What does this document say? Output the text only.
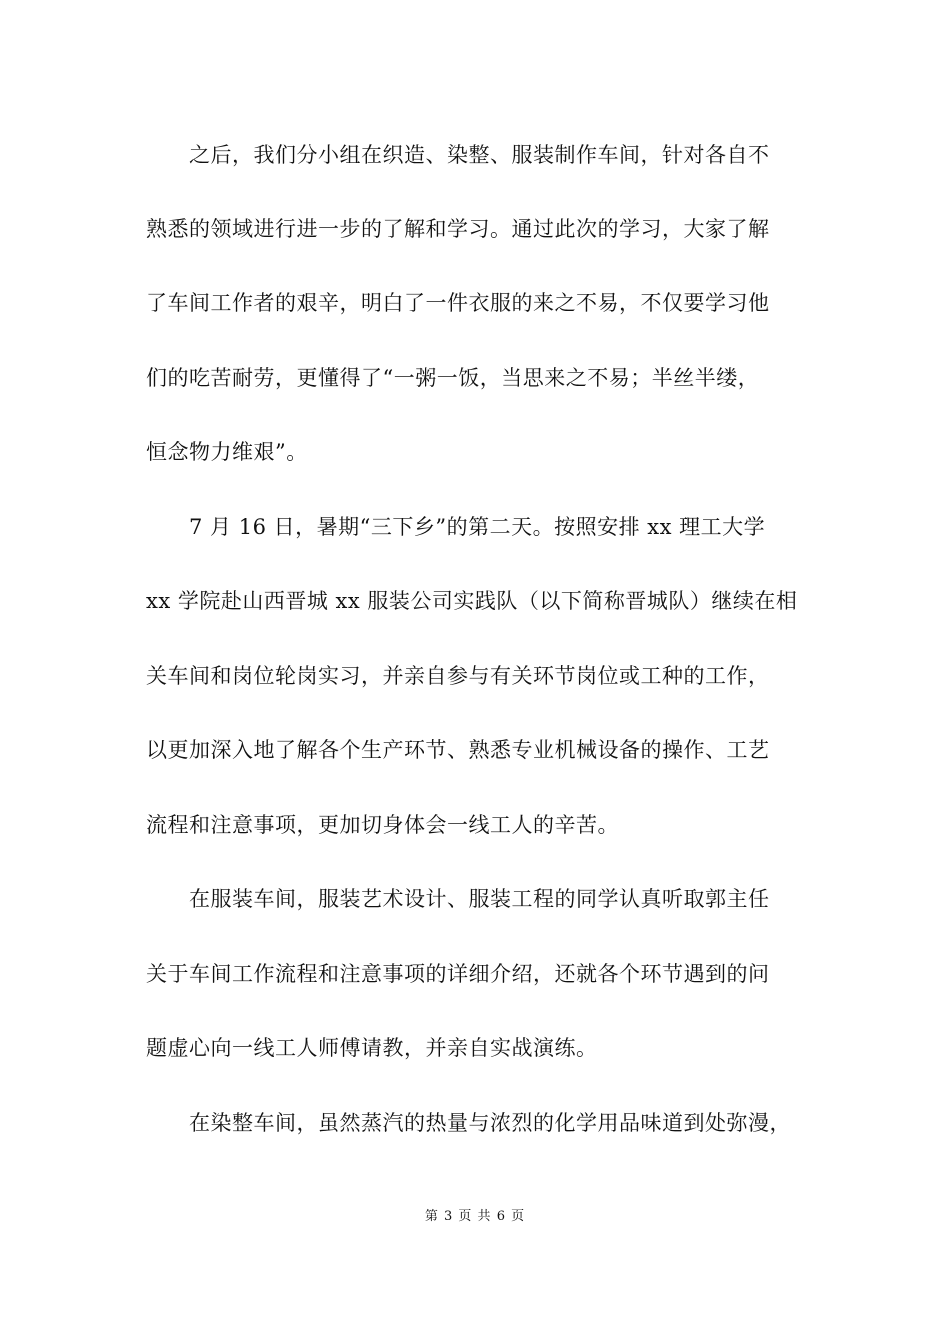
之后，我们分小组在织造、染整、服装制作车间，针对各自不
熟悉的领域进行进一步的了解和学习。通过此次的学习，大家了解
了车间工作者的艰辛，明白了一件衣服的来之不易，不仅要学习他
们的吃苦耐劳，更懂得了“一粥一饭，当思来之不易；半丝半缕，
恒念物力维艰”。
7 月 16 日，暑期“三下乡”的第二天。按照安排 xx 理工大学
xx 学院赴山西晋城 xx 服装公司实践队（以下简称晋城队）继续在相
关车间和岗位轮岗实习，并亲自参与有关环节岗位或工种的工作，
以更加深入地了解各个生产环节、熟悉专业机械设备的操作、工艺
流程和注意事项，更加切身体会一线工人的辛苦。
在服装车间，服装艺术设计、服装工程的同学认真听取郭主任
关于车间工作流程和注意事项的详细介绍，还就各个环节遇到的问
题虚心向一线工人师傅请教，并亲自实战演练。
在染整车间，虽然蒸汽的热量与浓烈的化学用品味道到处弥漫，
第 3 页 共 6 页
